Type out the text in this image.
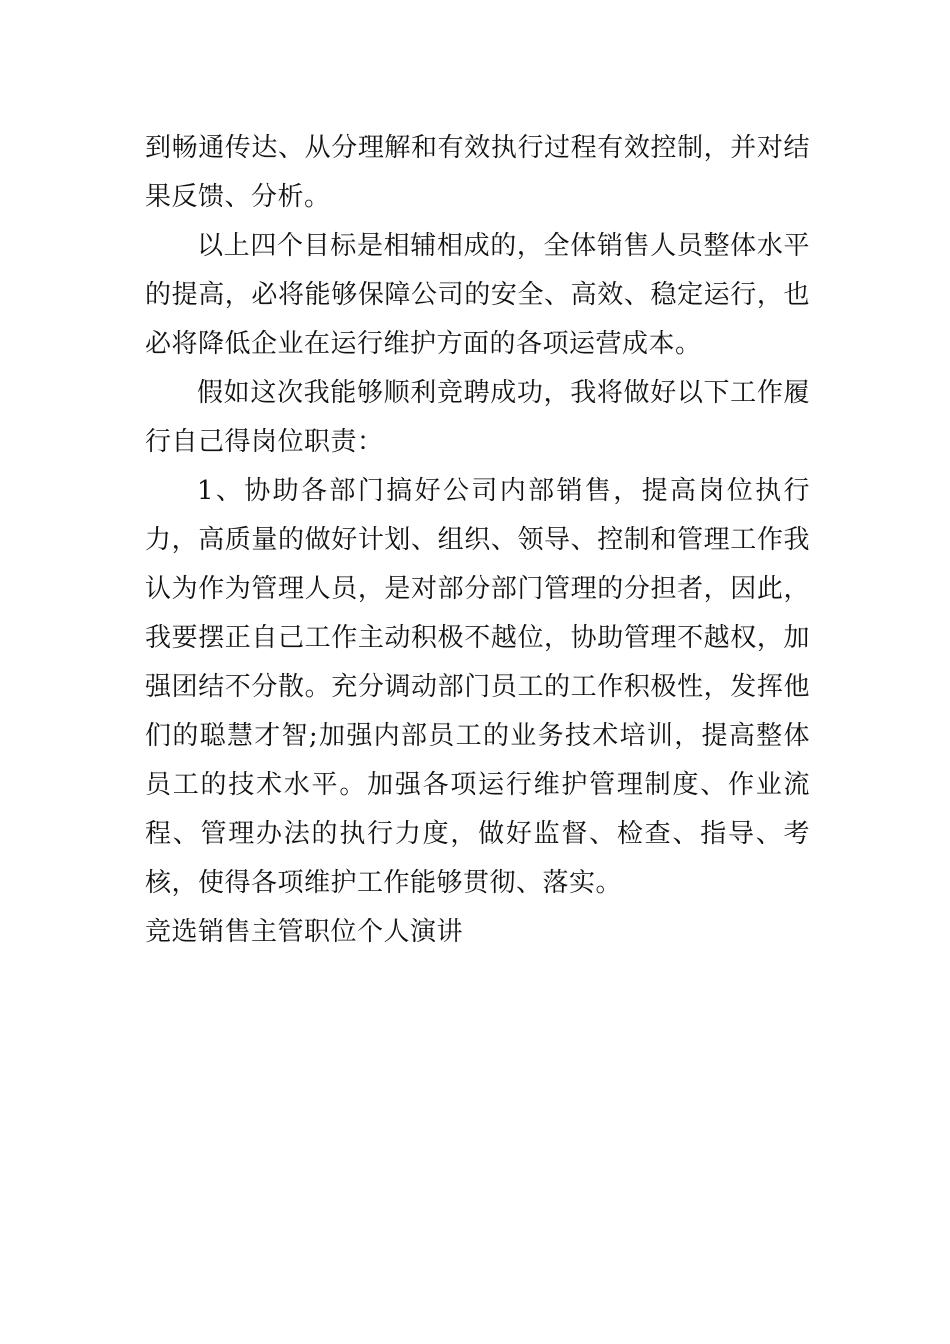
到畅通传达、从分理解和有效执行过程有效控制，并对结果反馈、分析。

以上四个目标是相辅相成的，全体销售人员整体水平的提高，必将能够保障公司的安全、高效、稳定运行，也必将降低企业在运行维护方面的各项运营成本。

假如这次我能够顺利竞聘成功，我将做好以下工作履行自己得岗位职责：

1、协助各部门搞好公司内部销售，提高岗位执行力，高质量的做好计划、组织、领导、控制和管理工作我认为作为管理人员，是对部分部门管理的分担者，因此，我要摆正自己工作主动积极不越位，协助管理不越权，加强团结不分散。充分调动部门员工的工作积极性，发挥他们的聪慧才智;加强内部员工的业务技术培训，提高整体员工的技术水平。加强各项运行维护管理制度、作业流程、管理办法的执行力度，做好监督、检查、指导、考核，使得各项维护工作能够贯彻、落实。

竞选销售主管职位个人演讲
